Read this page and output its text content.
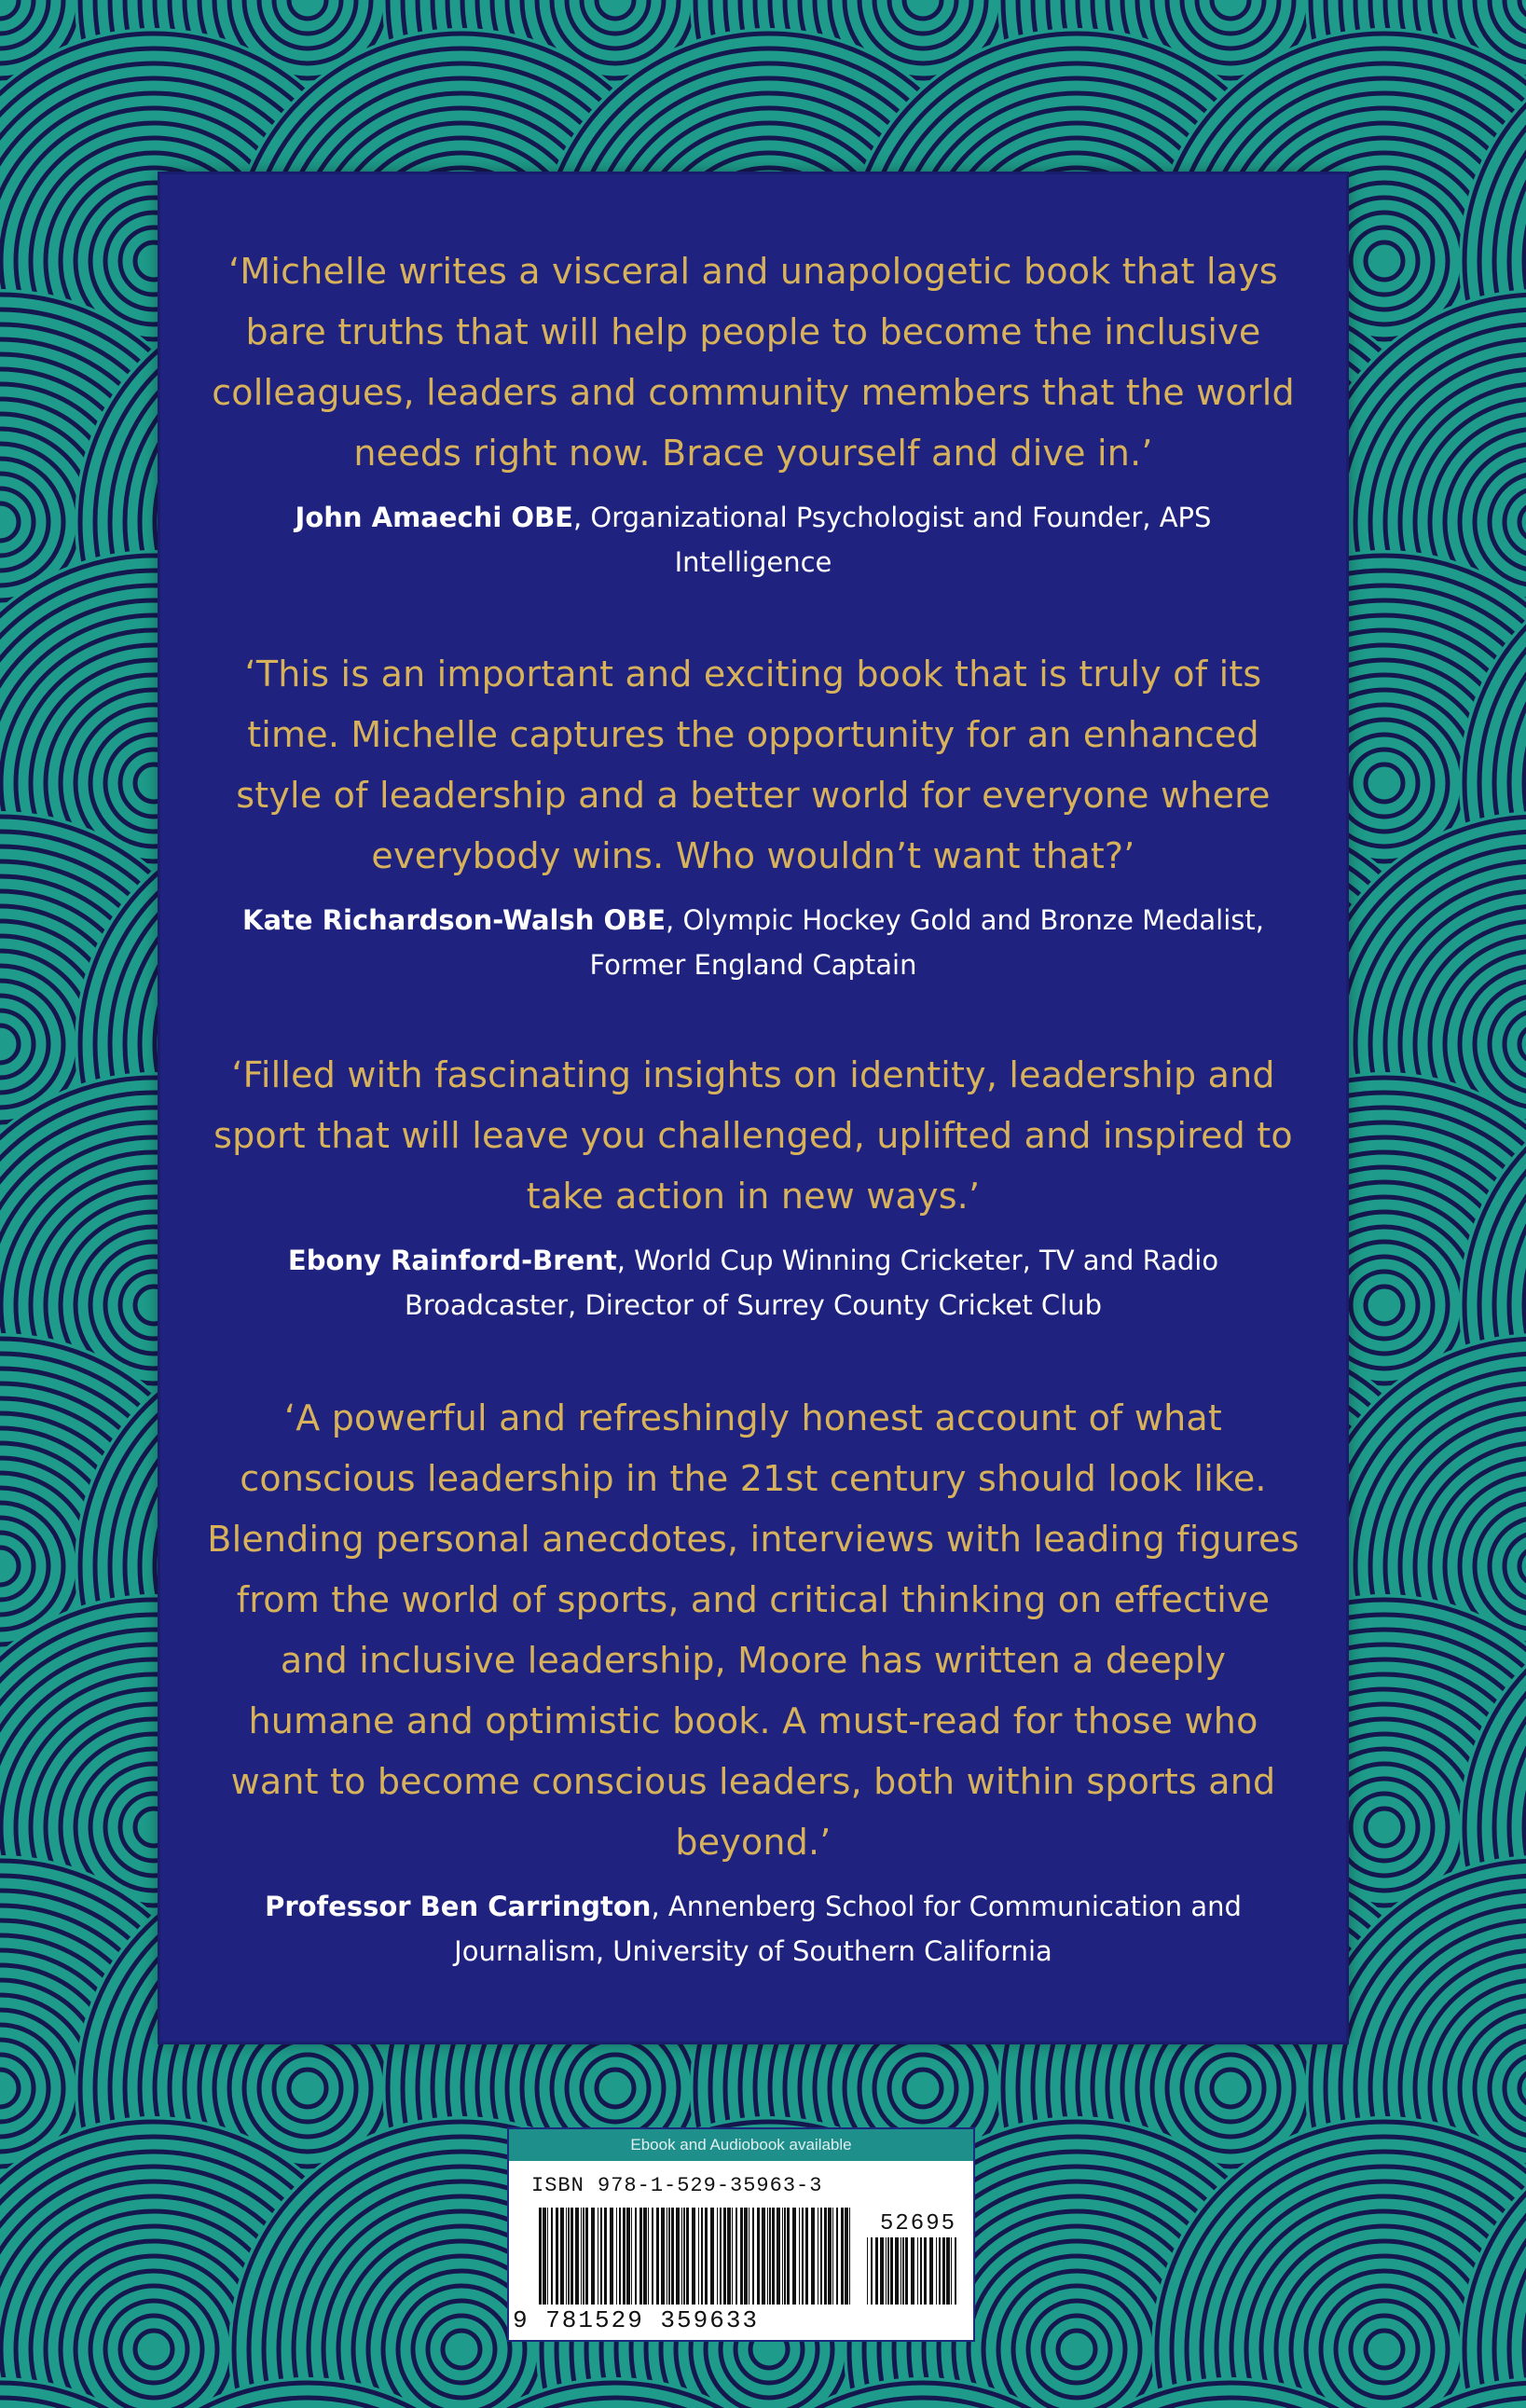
‘Michelle writes a visceral and unapologetic book that lays bare truths that will help people to become the inclusive colleagues, leaders and community members that the world needs right now. Brace yourself and dive in.’
John Amaechi OBE, Organizational Psychologist and Founder, APS Intelligence
‘This is an important and exciting book that is truly of its time. Michelle captures the opportunity for an enhanced style of leadership and a better world for everyone where everybody wins. Who wouldn’t want that?’
Kate Richardson-Walsh OBE, Olympic Hockey Gold and Bronze Medalist, Former England Captain
‘Filled with fascinating insights on identity, leadership and sport that will leave you challenged, uplifted and inspired to take action in new ways.’
Ebony Rainford-Brent, World Cup Winning Cricketer, TV and Radio Broadcaster, Director of Surrey County Cricket Club
‘A powerful and refreshingly honest account of what conscious leadership in the 21st century should look like. Blending personal anecdotes, interviews with leading figures from the world of sports, and critical thinking on effective and inclusive leadership, Moore has written a deeply humane and optimistic book. A must-read for those who want to become conscious leaders, both within sports and beyond.’
Professor Ben Carrington, Annenberg School for Communication and Journalism, University of Southern California
Ebook and Audiobook available
ISBN 978-1-529-35963-3
52695
9 781529 359633
